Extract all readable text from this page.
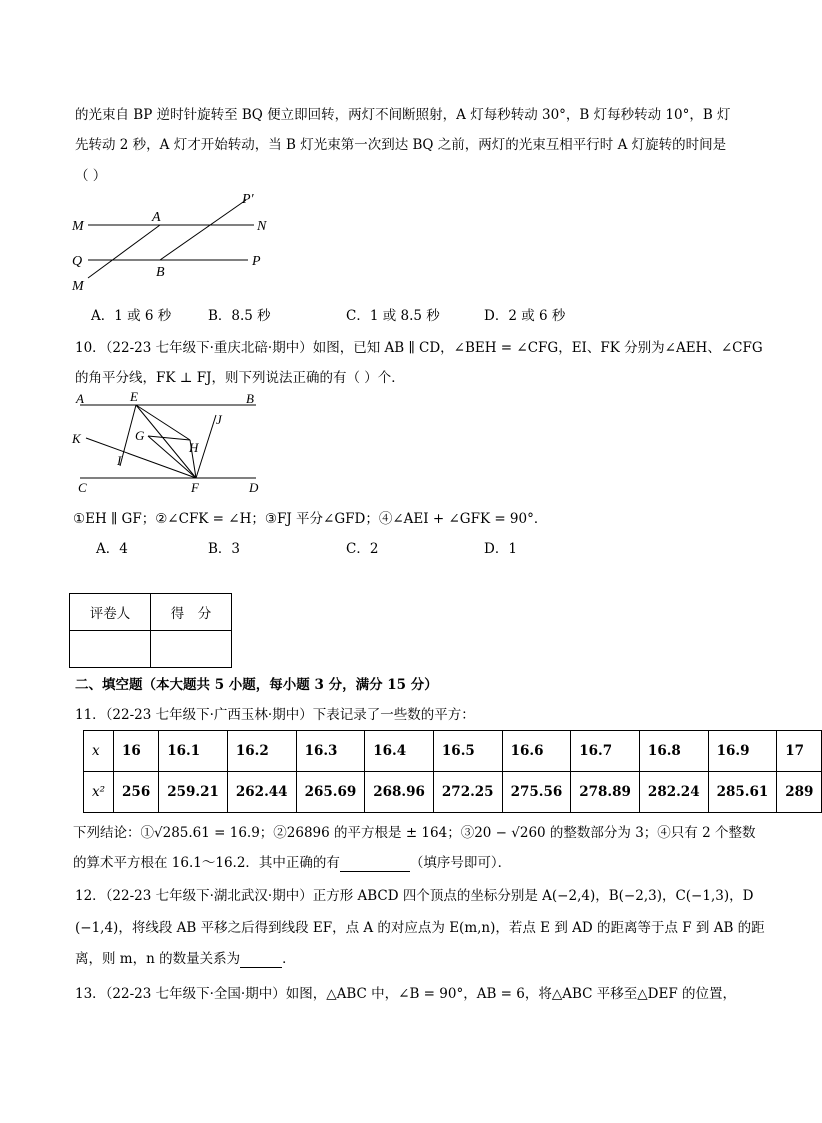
的光束自 BP 逆时针旋转至 BQ 便立即回转，两灯不间断照射，A 灯每秒转动 30°，B 灯每秒转动 10°，B 灯
先转动 2 秒，A 灯才开始转动，当 B 灯光束第一次到达 BQ 之前，两灯的光束互相平行时 A 灯旋转的时间是
（ ）
M
A
P′
N
Q
B
P
M
A．1 或 6 秒	B．8.5 秒	C．1 或 8.5 秒	D．2 或 6 秒
10．（22-23 七年级下·重庆北碚·期中）如图，已知 AB ∥ CD，∠BEH = ∠CFG，EI、FK 分别为∠AEH、∠CFG
的角平分线，FK ⊥ FJ，则下列说法正确的有（ ）个．
A	E	B
J
K	G
H
I
C	F	D
①EH ∥ GF；②∠CFK = ∠H；③FJ 平分∠GFD；④∠AEI + ∠GFK = 90°．
A．4	B．3	C．2	D．1
评卷人	得　分

二、填空题（本大题共 5 小题，每小题 3 分，满分 15 分）
11．（22-23 七年级下·广西玉林·期中）下表记录了一些数的平方：
x	16	16.1	16.2	16.3	16.4	16.5	16.6	16.7	16.8	16.9	17
x²	256	259.21	262.44	265.69	268.96	272.25	275.56	278.89	282.24	285.61	289
下列结论：①√285.61 = 16.9；②26896 的平方根是 ± 164；③20 − √260 的整数部分为 3；④只有 2 个整数
的算术平方根在 16.1～16.2．其中正确的有	（填序号即可）．
12．（22-23 七年级下·湖北武汉·期中）正方形 ABCD 四个顶点的坐标分别是 A(−2,4)，B(−2,3)，C(−1,3)，D
(−1,4)，将线段 AB 平移之后得到线段 EF，点 A 的对应点为 E(m,n)，若点 E 到 AD 的距离等于点 F 到 AB 的距
离，则 m，n 的数量关系为	．
13．（22-23 七年级下·全国·期中）如图，△ABC 中，∠B = 90°，AB = 6，将△ABC 平移至△DEF 的位置，
